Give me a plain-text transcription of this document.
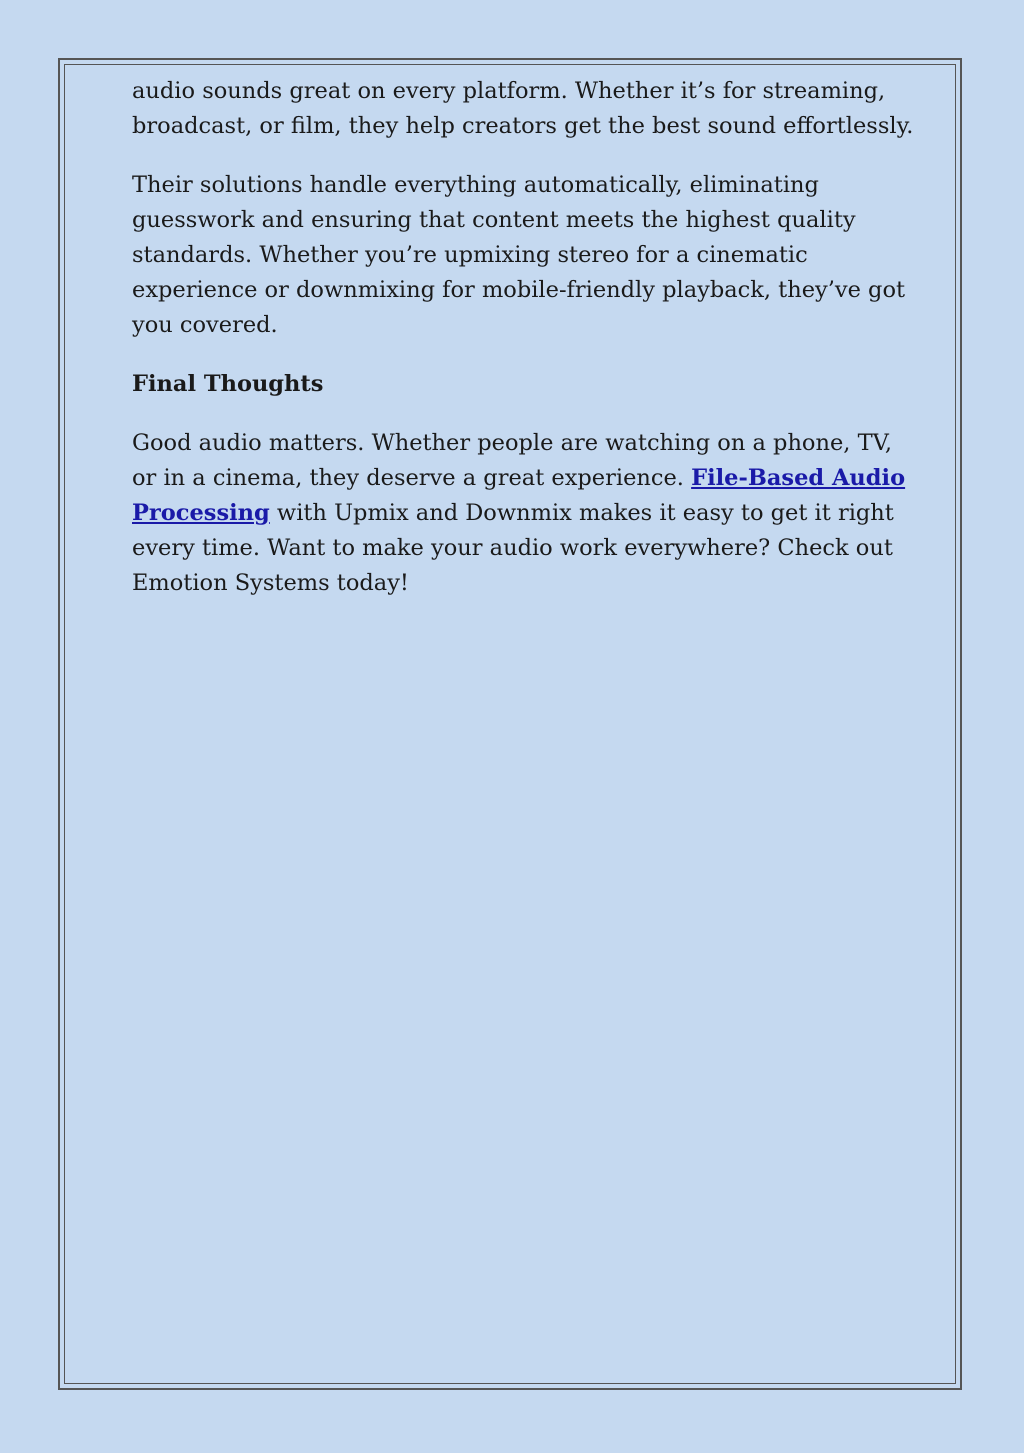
audio sounds great on every platform. Whether it’s for streaming, broadcast, or film, they help creators get the best sound effortlessly.

Their solutions handle everything automatically, eliminating guesswork and ensuring that content meets the highest quality standards. Whether you’re upmixing stereo for a cinematic experience or downmixing for mobile-friendly playback, they’ve got you covered.

Final Thoughts

Good audio matters. Whether people are watching on a phone, TV, or in a cinema, they deserve a great experience. File-Based Audio Processing with Upmix and Downmix makes it easy to get it right every time. Want to make your audio work everywhere? Check out Emotion Systems today!
